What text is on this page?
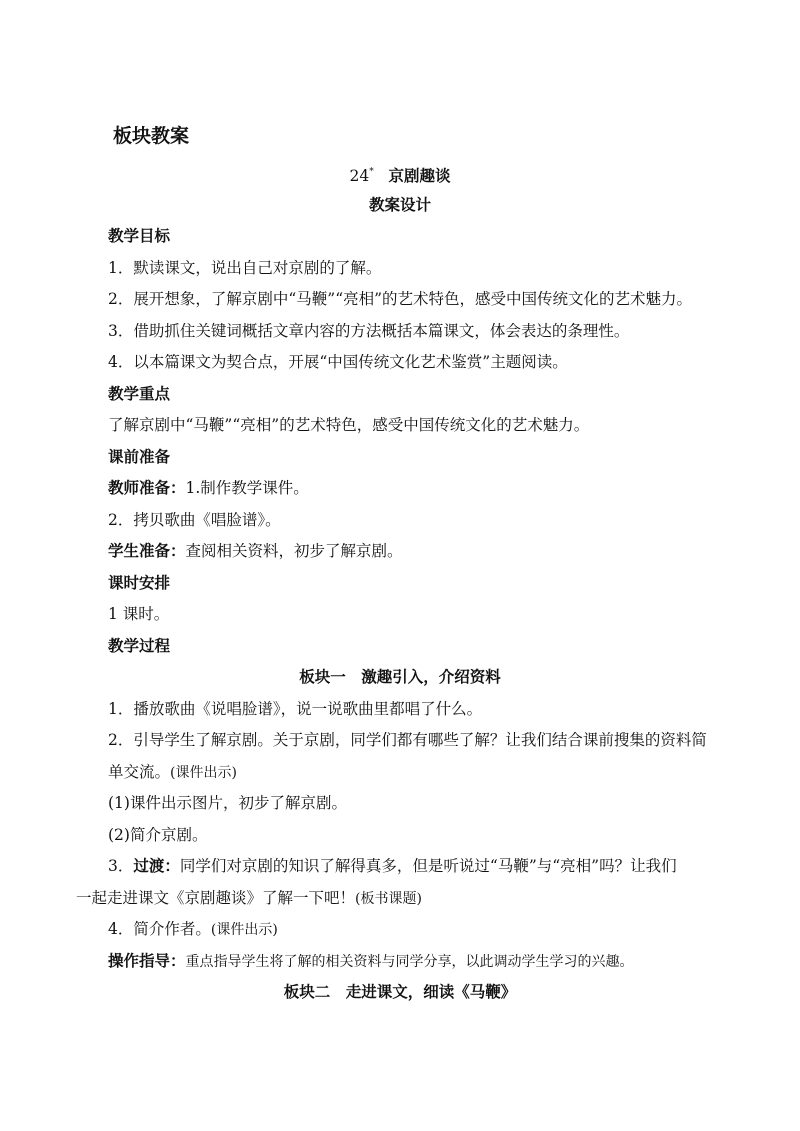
板块教案
24* 京剧趣谈
教案设计
教学目标
1．默读课文，说出自己对京剧的了解。
2．展开想象，了解京剧中“马鞭”“亮相”的艺术特色，感受中国传统文化的艺术魅力。
3．借助抓住关键词概括文章内容的方法概括本篇课文，体会表达的条理性。
4．以本篇课文为契合点，开展“中国传统文化艺术鉴赏”主题阅读。
教学重点
了解京剧中“马鞭”“亮相”的艺术特色，感受中国传统文化的艺术魅力。
课前准备
教师准备：1.制作教学课件。
2．拷贝歌曲《唱脸谱》。
学生准备：查阅相关资料，初步了解京剧。
课时安排
1 课时。
教学过程
板块一　激趣引入，介绍资料
1．播放歌曲《说唱脸谱》，说一说歌曲里都唱了什么。
2．引导学生了解京剧。关于京剧，同学们都有哪些了解？让我们结合课前搜集的资料简
单交流。(课件出示)
(1)课件出示图片，初步了解京剧。
(2)简介京剧。
3．过渡：同学们对京剧的知识了解得真多，但是听说过“马鞭”与“亮相”吗？让我们
一起走进课文《京剧趣谈》了解一下吧！(板书课题)
4．简介作者。(课件出示)
操作指导：重点指导学生将了解的相关资料与同学分享，以此调动学生学习的兴趣。
板块二　走进课文，细读《马鞭》
